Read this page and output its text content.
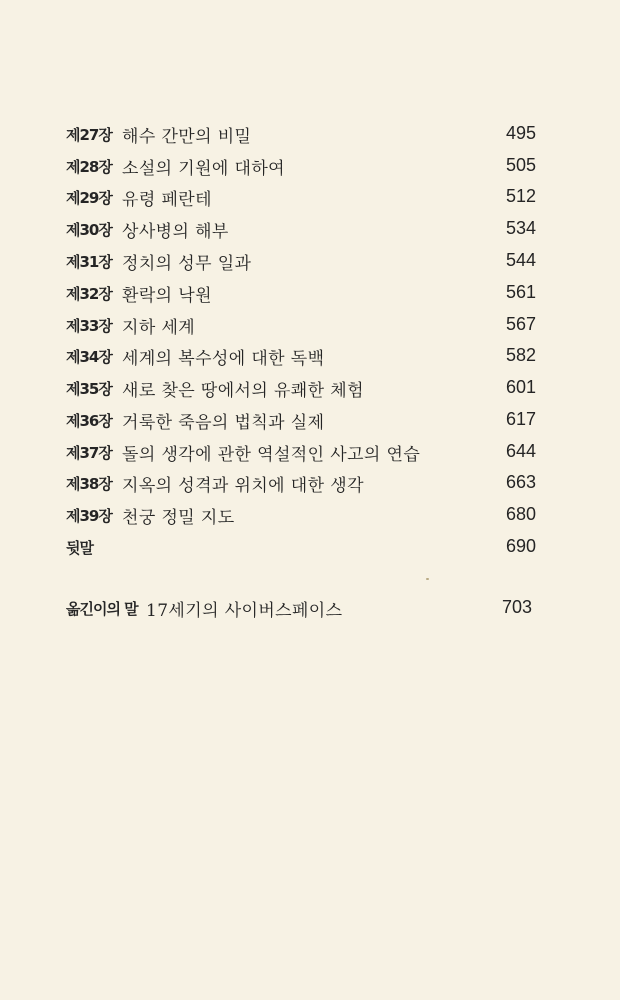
제27장 해수 간만의 비밀	495
제28장 소설의 기원에 대하여	505
제29장 유령 페란테	512
제30장 상사병의 해부	534
제31장 정치의 성무 일과	544
제32장 환락의 낙원	561
제33장 지하 세계	567
제34장 세계의 복수성에 대한 독백	582
제35장 새로 찾은 땅에서의 유쾌한 체험	601
제36장 거룩한 죽음의 법칙과 실제	617
제37장 돌의 생각에 관한 역설적인 사고의 연습	644
제38장 지옥의 성격과 위치에 대한 생각	663
제39장 천궁 정밀 지도	680
뒷말	690
옮긴이의 말 17세기의 사이버스페이스	703
